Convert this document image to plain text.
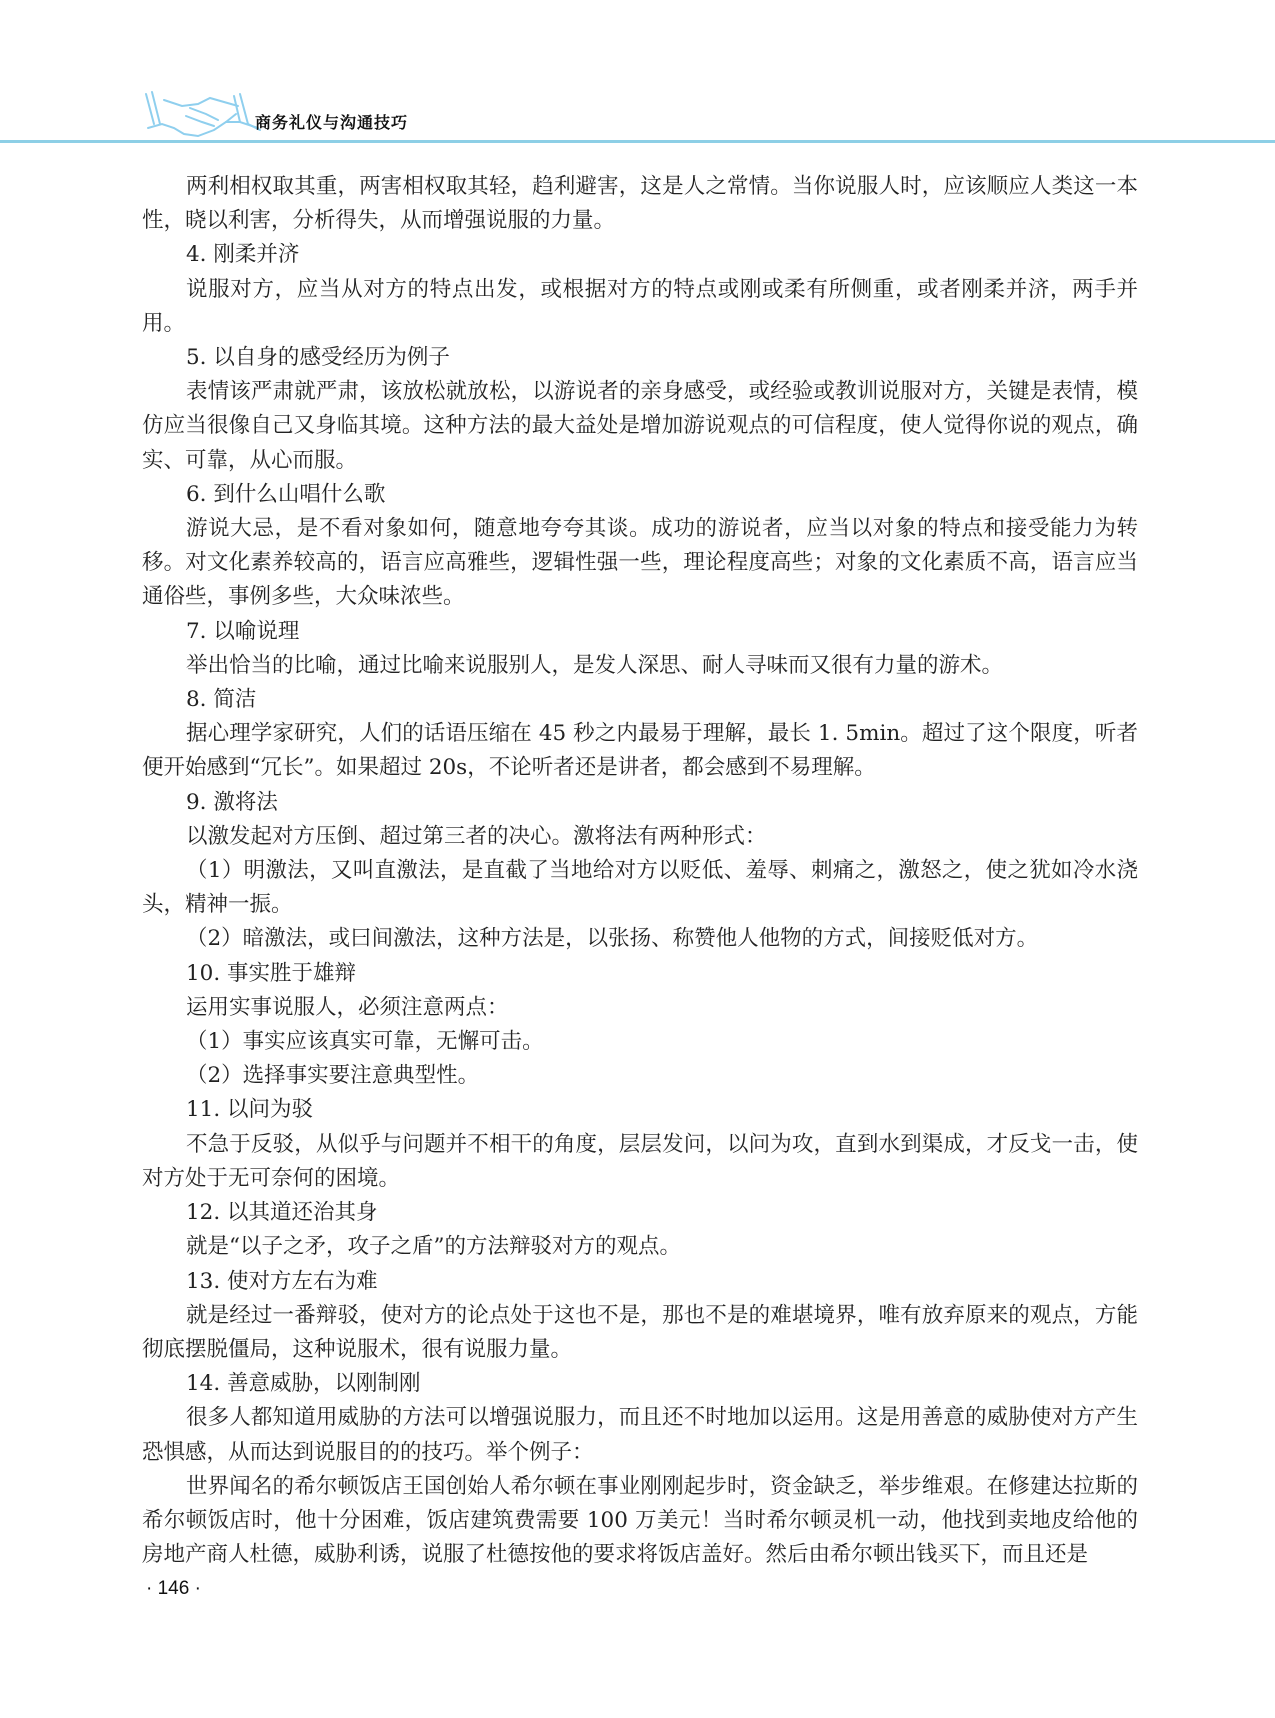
商务礼仪与沟通技巧

两利相权取其重，两害相权取其轻，趋利避害，这是人之常情。当你说服人时，应该顺应人类这一本性，晓以利害，分析得失，从而增强说服的力量。

4. 刚柔并济

说服对方，应当从对方的特点出发，或根据对方的特点或刚或柔有所侧重，或者刚柔并济，两手并用。

5. 以自身的感受经历为例子

表情该严肃就严肃，该放松就放松，以游说者的亲身感受，或经验或教训说服对方，关键是表情，模仿应当很像自己又身临其境。这种方法的最大益处是增加游说观点的可信程度，使人觉得你说的观点，确实、可靠，从心而服。

6. 到什么山唱什么歌

游说大忌，是不看对象如何，随意地夸夸其谈。成功的游说者，应当以对象的特点和接受能力为转移。对文化素养较高的，语言应高雅些，逻辑性强一些，理论程度高些；对象的文化素质不高，语言应当通俗些，事例多些，大众味浓些。

7. 以喻说理

举出恰当的比喻，通过比喻来说服别人，是发人深思、耐人寻味而又很有力量的游术。

8. 简洁

据心理学家研究，人们的话语压缩在 45 秒之内最易于理解，最长 1. 5min。超过了这个限度，听者便开始感到“冗长”。如果超过 20s，不论听者还是讲者，都会感到不易理解。

9. 激将法

以激发起对方压倒、超过第三者的决心。激将法有两种形式：

（1）明激法，又叫直激法，是直截了当地给对方以贬低、羞辱、刺痛之，激怒之，使之犹如冷水浇头，精神一振。

（2）暗激法，或曰间激法，这种方法是，以张扬、称赞他人他物的方式，间接贬低对方。

10. 事实胜于雄辩

运用实事说服人，必须注意两点：

（1）事实应该真实可靠，无懈可击。

（2）选择事实要注意典型性。

11. 以问为驳

不急于反驳，从似乎与问题并不相干的角度，层层发问，以问为攻，直到水到渠成，才反戈一击，使对方处于无可奈何的困境。

12. 以其道还治其身

就是“以子之矛，攻子之盾”的方法辩驳对方的观点。

13. 使对方左右为难

就是经过一番辩驳，使对方的论点处于这也不是，那也不是的难堪境界，唯有放弃原来的观点，方能彻底摆脱僵局，这种说服术，很有说服力量。

14. 善意威胁，以刚制刚

很多人都知道用威胁的方法可以增强说服力，而且还不时地加以运用。这是用善意的威胁使对方产生恐惧感，从而达到说服目的的技巧。举个例子：

世界闻名的希尔顿饭店王国创始人希尔顿在事业刚刚起步时，资金缺乏，举步维艰。在修建达拉斯的希尔顿饭店时，他十分困难，饭店建筑费需要 100 万美元！当时希尔顿灵机一动，他找到卖地皮给他的房地产商人杜德，威胁利诱，说服了杜德按他的要求将饭店盖好。然后由希尔顿出钱买下，而且还是

· 146 ·
